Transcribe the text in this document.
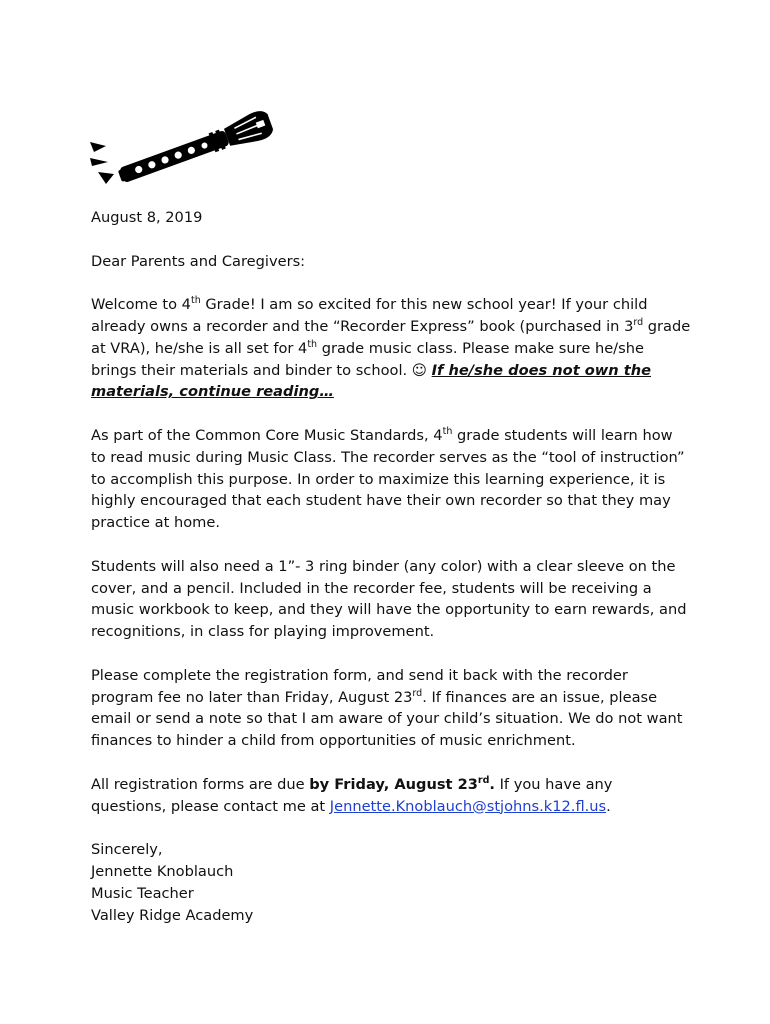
August 8, 2019

Dear Parents and Caregivers:

Welcome to 4th Grade! I am so excited for this new school year! If your child already owns a recorder and the “Recorder Express” book (purchased in 3rd grade at VRA), he/she is all set for 4th grade music class. Please make sure he/she brings their materials and binder to school. ☺ If he/she does not own the materials, continue reading…

As part of the Common Core Music Standards, 4th grade students will learn how to read music during Music Class. The recorder serves as the “tool of instruction” to accomplish this purpose. In order to maximize this learning experience, it is highly encouraged that each student have their own recorder so that they may practice at home.

Students will also need a 1”- 3 ring binder (any color) with a clear sleeve on the cover, and a pencil. Included in the recorder fee, students will be receiving a music workbook to keep, and they will have the opportunity to earn rewards, and recognitions, in class for playing improvement.

Please complete the registration form, and send it back with the recorder program fee no later than Friday, August 23rd. If finances are an issue, please email or send a note so that I am aware of your child’s situation. We do not want finances to hinder a child from opportunities of music enrichment.

All registration forms are due by Friday, August 23rd. If you have any questions, please contact me at Jennette.Knoblauch@stjohns.k12.fl.us.

Sincerely,

Jennette Knoblauch

Music Teacher

Valley Ridge Academy
